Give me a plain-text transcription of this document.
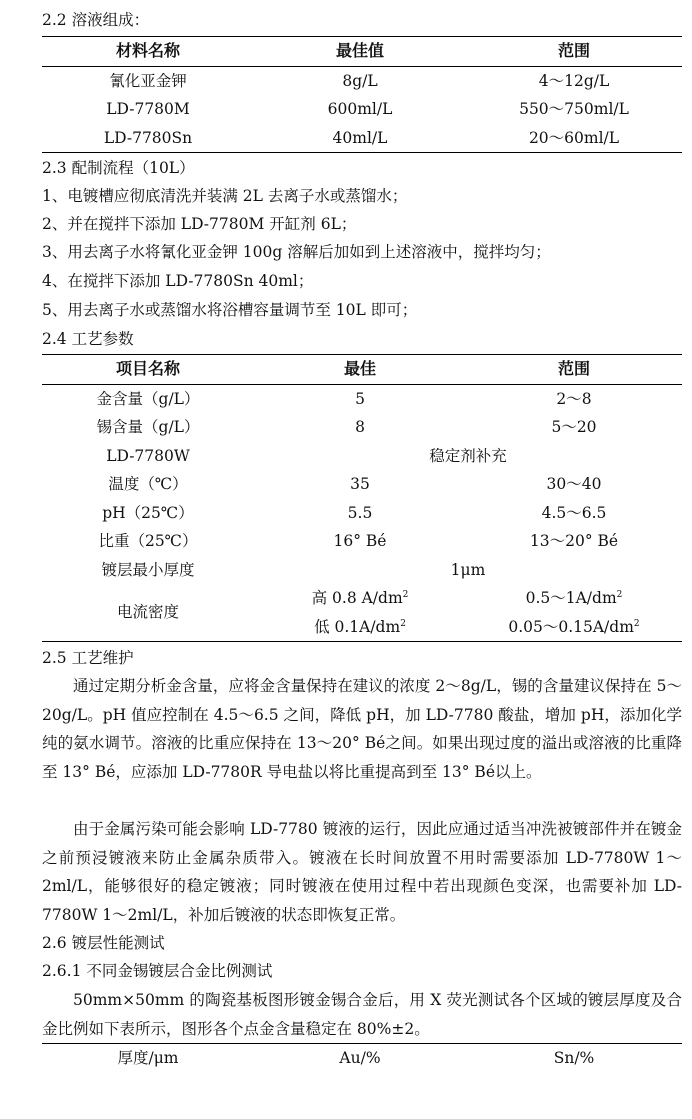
2.2 溶液组成：
材料名称	最佳值	范围
氰化亚金钾	8g/L	4～12g/L
LD-7780M	600ml/L	550～750ml/L
LD-7780Sn	40ml/L	20～60ml/L
2.3 配制流程（10L）
1、电镀槽应彻底清洗并装满 2L 去离子水或蒸馏水；
2、并在搅拌下添加 LD-7780M 开缸剂 6L；
3、用去离子水将氰化亚金钾 100g 溶解后加如到上述溶液中，搅拌均匀；
4、在搅拌下添加 LD-7780Sn 40ml；
5、用去离子水或蒸馏水将浴槽容量调节至 10L 即可；
2.4 工艺参数
项目名称	最佳	范围
金含量（g/L）	5	2～8
锡含量（g/L）	8	5～20
LD-7780W	稳定剂补充	
温度（℃）	35	30～40
pH（25℃）	5.5	4.5～6.5
比重（25℃）	16° Bé	13～20° Bé
镀层最小厚度	1μm	
电流密度	高 0.8 $A/dm^2$	$0.5\sim 1A/dm^2$
	低 $0.1A/dm^2$	$0.05\sim 0.15A/dm^2$
2.5 工艺维护

通过定期分析金含量，应将金含量保持在建议的浓度 2～8g/L，锡的含量建议保持在 5～20g/L。pH 值应控制在 4.5～6.5 之间，降低 pH，加 LD-7780 酸盐，增加 pH，添加化学纯的氨水调节。溶液的比重应保持在 13～20° Bé之间。如果出现过度的溢出或溶液的比重降至 13° Bé，应添加 LD-7780R 导电盐以将比重提高到至 13° Bé以上。

由于金属污染可能会影响 LD-7780 镀液的运行，因此应通过适当冲洗被镀部件并在镀金之前预浸镀液来防止金属杂质带入。镀液在长时间放置不用时需要添加 LD-7780W 1～2ml/L，能够很好的稳定镀液；同时镀液在使用过程中若出现颜色变深，也需要补加 LD-7780W 1～2ml/L，补加后镀液的状态即恢复正常。

2.6 镀层性能测试
2.6.1 不同金锡镀层合金比例测试

50mm×50mm 的陶瓷基板图形镀金锡合金后，用 X 荧光测试各个区域的镀层厚度及合金比例如下表所示，图形各个点金含量稳定在 80%±2。

厚度/μm	Au/%	Sn/%
